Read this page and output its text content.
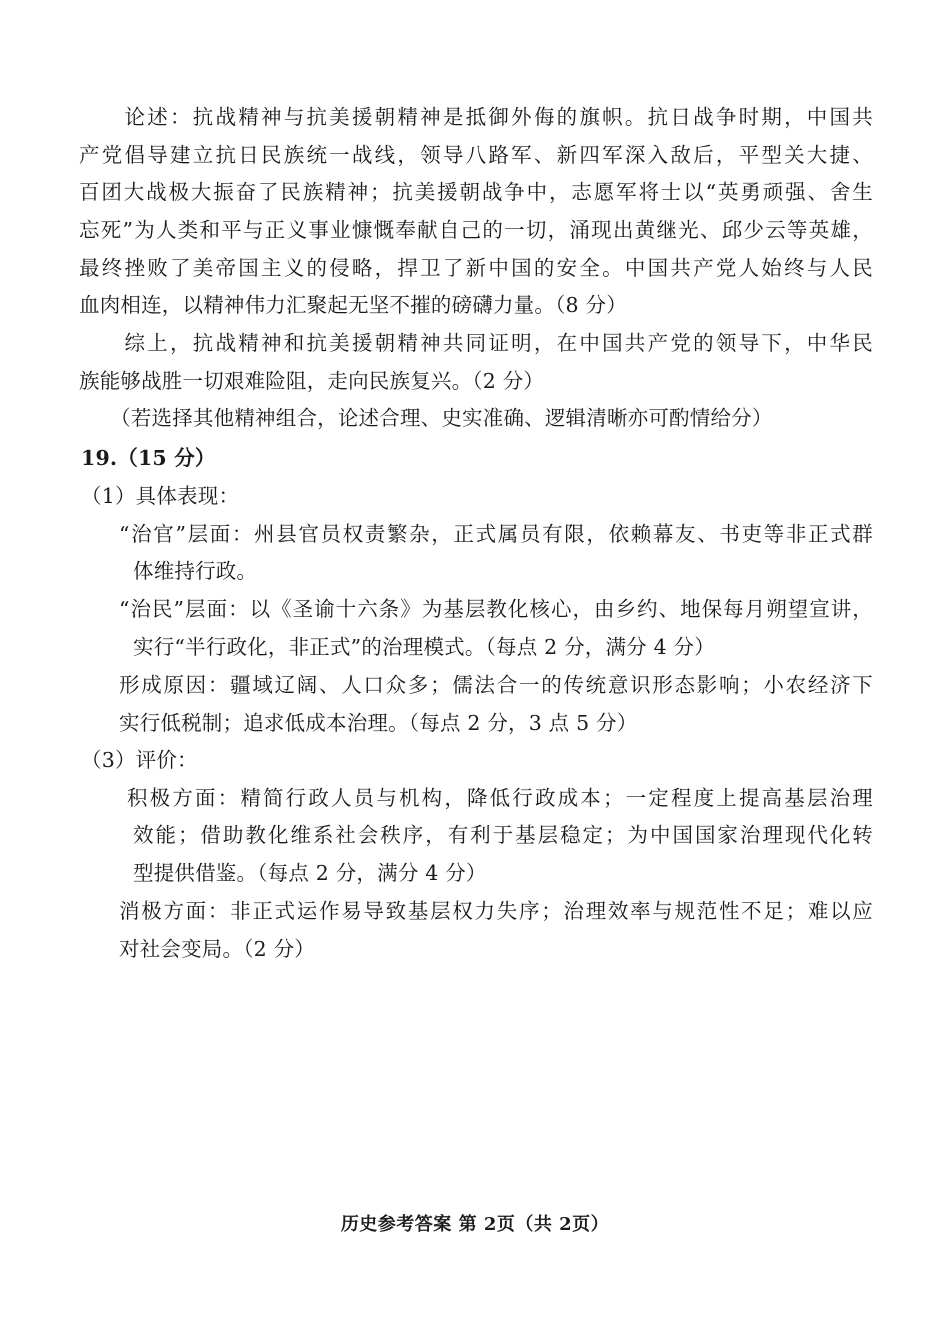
　　论述：抗战精神与抗美援朝精神是抵御外侮的旗帜。抗日战争时期，中国共
产党倡导建立抗日民族统一战线，领导八路军、新四军深入敌后，平型关大捷、
百团大战极大振奋了民族精神；抗美援朝战争中，志愿军将士以“英勇顽强、舍生
忘死”为人类和平与正义事业慷慨奉献自己的一切，涌现出黄继光、邱少云等英雄，
最终挫败了美帝国主义的侵略，捍卫了新中国的安全。中国共产党人始终与人民
血肉相连，以精神伟力汇聚起无坚不摧的磅礴力量。（8 分）
　　综上，抗战精神和抗美援朝精神共同证明，在中国共产党的领导下，中华民
族能够战胜一切艰难险阻，走向民族复兴。（2 分）
　　（若选择其他精神组合，论述合理、史实准确、逻辑清晰亦可酌情给分）
19.（15 分）
（1）具体表现：
“治官”层面：州县官员权责繁杂，正式属员有限，依赖幕友、书吏等非正式群
体维持行政。
“治民”层面：以《圣谕十六条》为基层教化核心，由乡约、地保每月朔望宣讲，
实行“半行政化，非正式”的治理模式。（每点 2 分，满分 4 分）
形成原因：疆域辽阔、人口众多；儒法合一的传统意识形态影响；小农经济下
实行低税制；追求低成本治理。（每点 2 分，3 点 5 分）
（3）评价：
积极方面：精简行政人员与机构，降低行政成本；一定程度上提高基层治理
效能；借助教化维系社会秩序，有利于基层稳定；为中国国家治理现代化转
型提供借鉴。（每点 2 分，满分 4 分）
消极方面：非正式运作易导致基层权力失序；治理效率与规范性不足；难以应
对社会变局。（2 分）
历史参考答案 第 2页（共 2页）
